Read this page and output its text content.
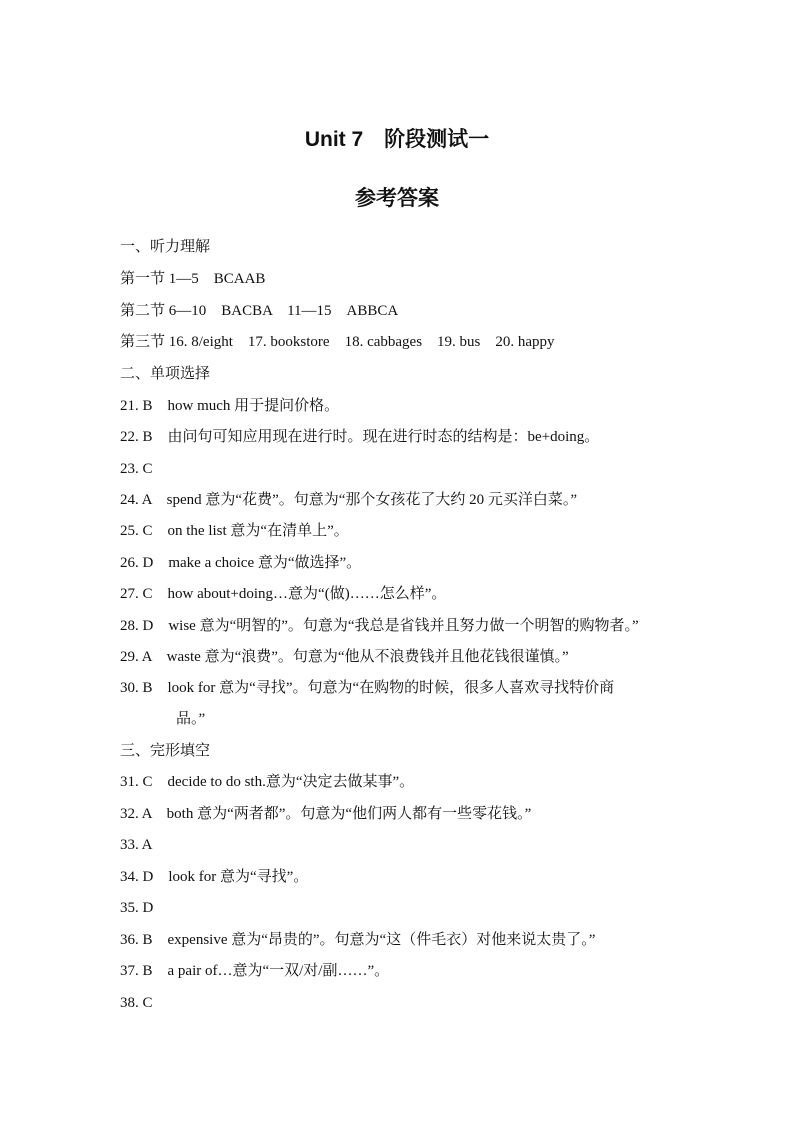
Unit 7　阶段测试一
参考答案
一、听力理解
第一节 1—5　BCAAB
第二节 6—10　BACBA　11—15　ABBCA
第三节 16. 8/eight　17. bookstore　18. cabbages　19. bus　20. happy
二、单项选择
21. B　how much 用于提问价格。
22. B　由问句可知应用现在进行时。现在进行时态的结构是：be+doing。
23. C
24. A　spend 意为“花费”。句意为“那个女孩花了大约 20 元买洋白菜。”
25. C　on the list 意为“在清单上”。
26. D　make a choice 意为“做选择”。
27. C　how about+doing…意为“(做)……怎么样”。
28. D　wise 意为“明智的”。句意为“我总是省钱并且努力做一个明智的购物者。”
29. A　waste 意为“浪费”。句意为“他从不浪费钱并且他花钱很谨慎。”
30. B　look for 意为“寻找”。句意为“在购物的时候，很多人喜欢寻找特价商
品。”
三、完形填空
31. C　decide to do sth.意为“决定去做某事”。
32. A　both 意为“两者都”。句意为“他们两人都有一些零花钱。”
33. A
34. D　look for 意为“寻找”。
35. D
36. B　expensive 意为“昂贵的”。句意为“这（件毛衣）对他来说太贵了。”
37. B　a pair of…意为“一双/对/副……”。
38. C
